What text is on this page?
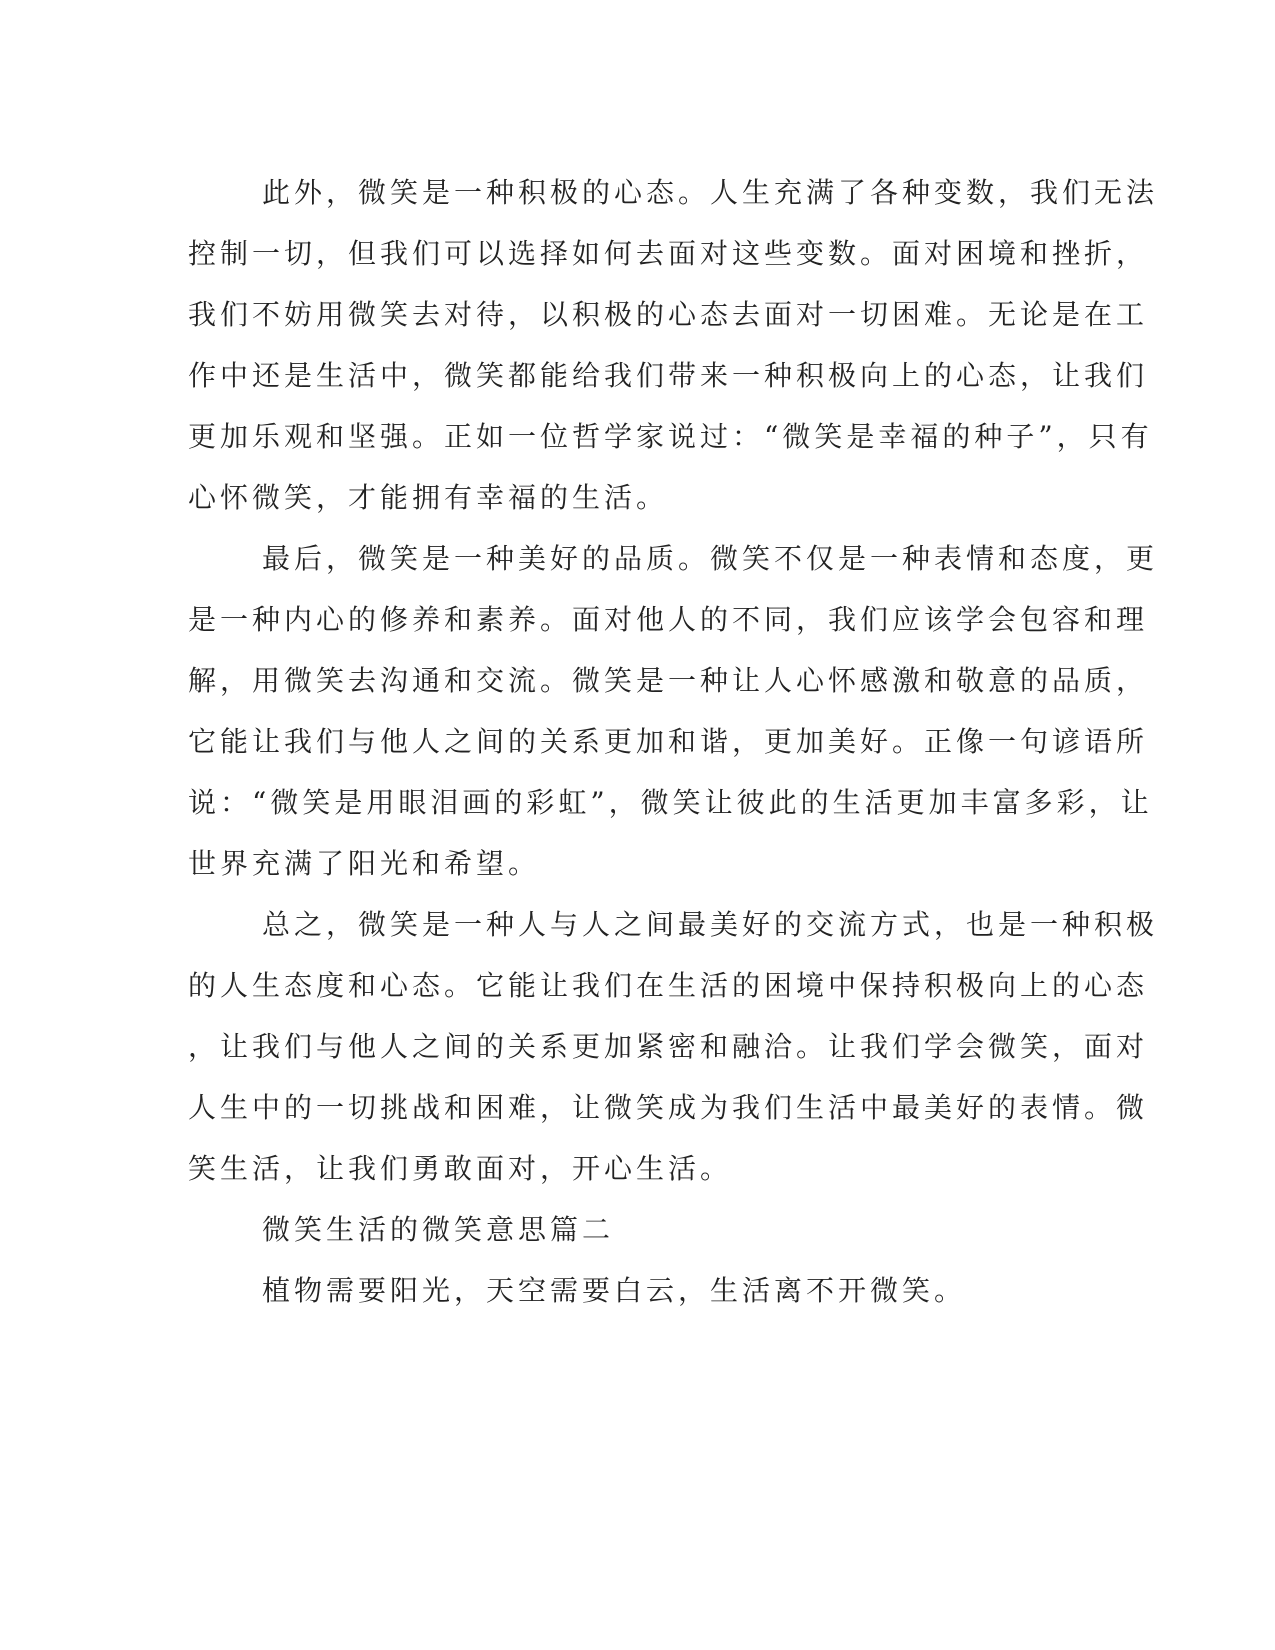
此外，微笑是一种积极的心态。人生充满了各种变数，我们无法
控制一切，但我们可以选择如何去面对这些变数。面对困境和挫折，
我们不妨用微笑去对待，以积极的心态去面对一切困难。无论是在工
作中还是生活中，微笑都能给我们带来一种积极向上的心态，让我们
更加乐观和坚强。正如一位哲学家说过：“微笑是幸福的种子”，只有
心怀微笑，才能拥有幸福的生活。

最后，微笑是一种美好的品质。微笑不仅是一种表情和态度，更
是一种内心的修养和素养。面对他人的不同，我们应该学会包容和理
解，用微笑去沟通和交流。微笑是一种让人心怀感激和敬意的品质，
它能让我们与他人之间的关系更加和谐，更加美好。正像一句谚语所
说：“微笑是用眼泪画的彩虹”，微笑让彼此的生活更加丰富多彩，让
世界充满了阳光和希望。

总之，微笑是一种人与人之间最美好的交流方式，也是一种积极
的人生态度和心态。它能让我们在生活的困境中保持积极向上的心态
，让我们与他人之间的关系更加紧密和融洽。让我们学会微笑，面对
人生中的一切挑战和困难，让微笑成为我们生活中最美好的表情。微
笑生活，让我们勇敢面对，开心生活。

微笑生活的微笑意思篇二

植物需要阳光，天空需要白云，生活离不开微笑。
